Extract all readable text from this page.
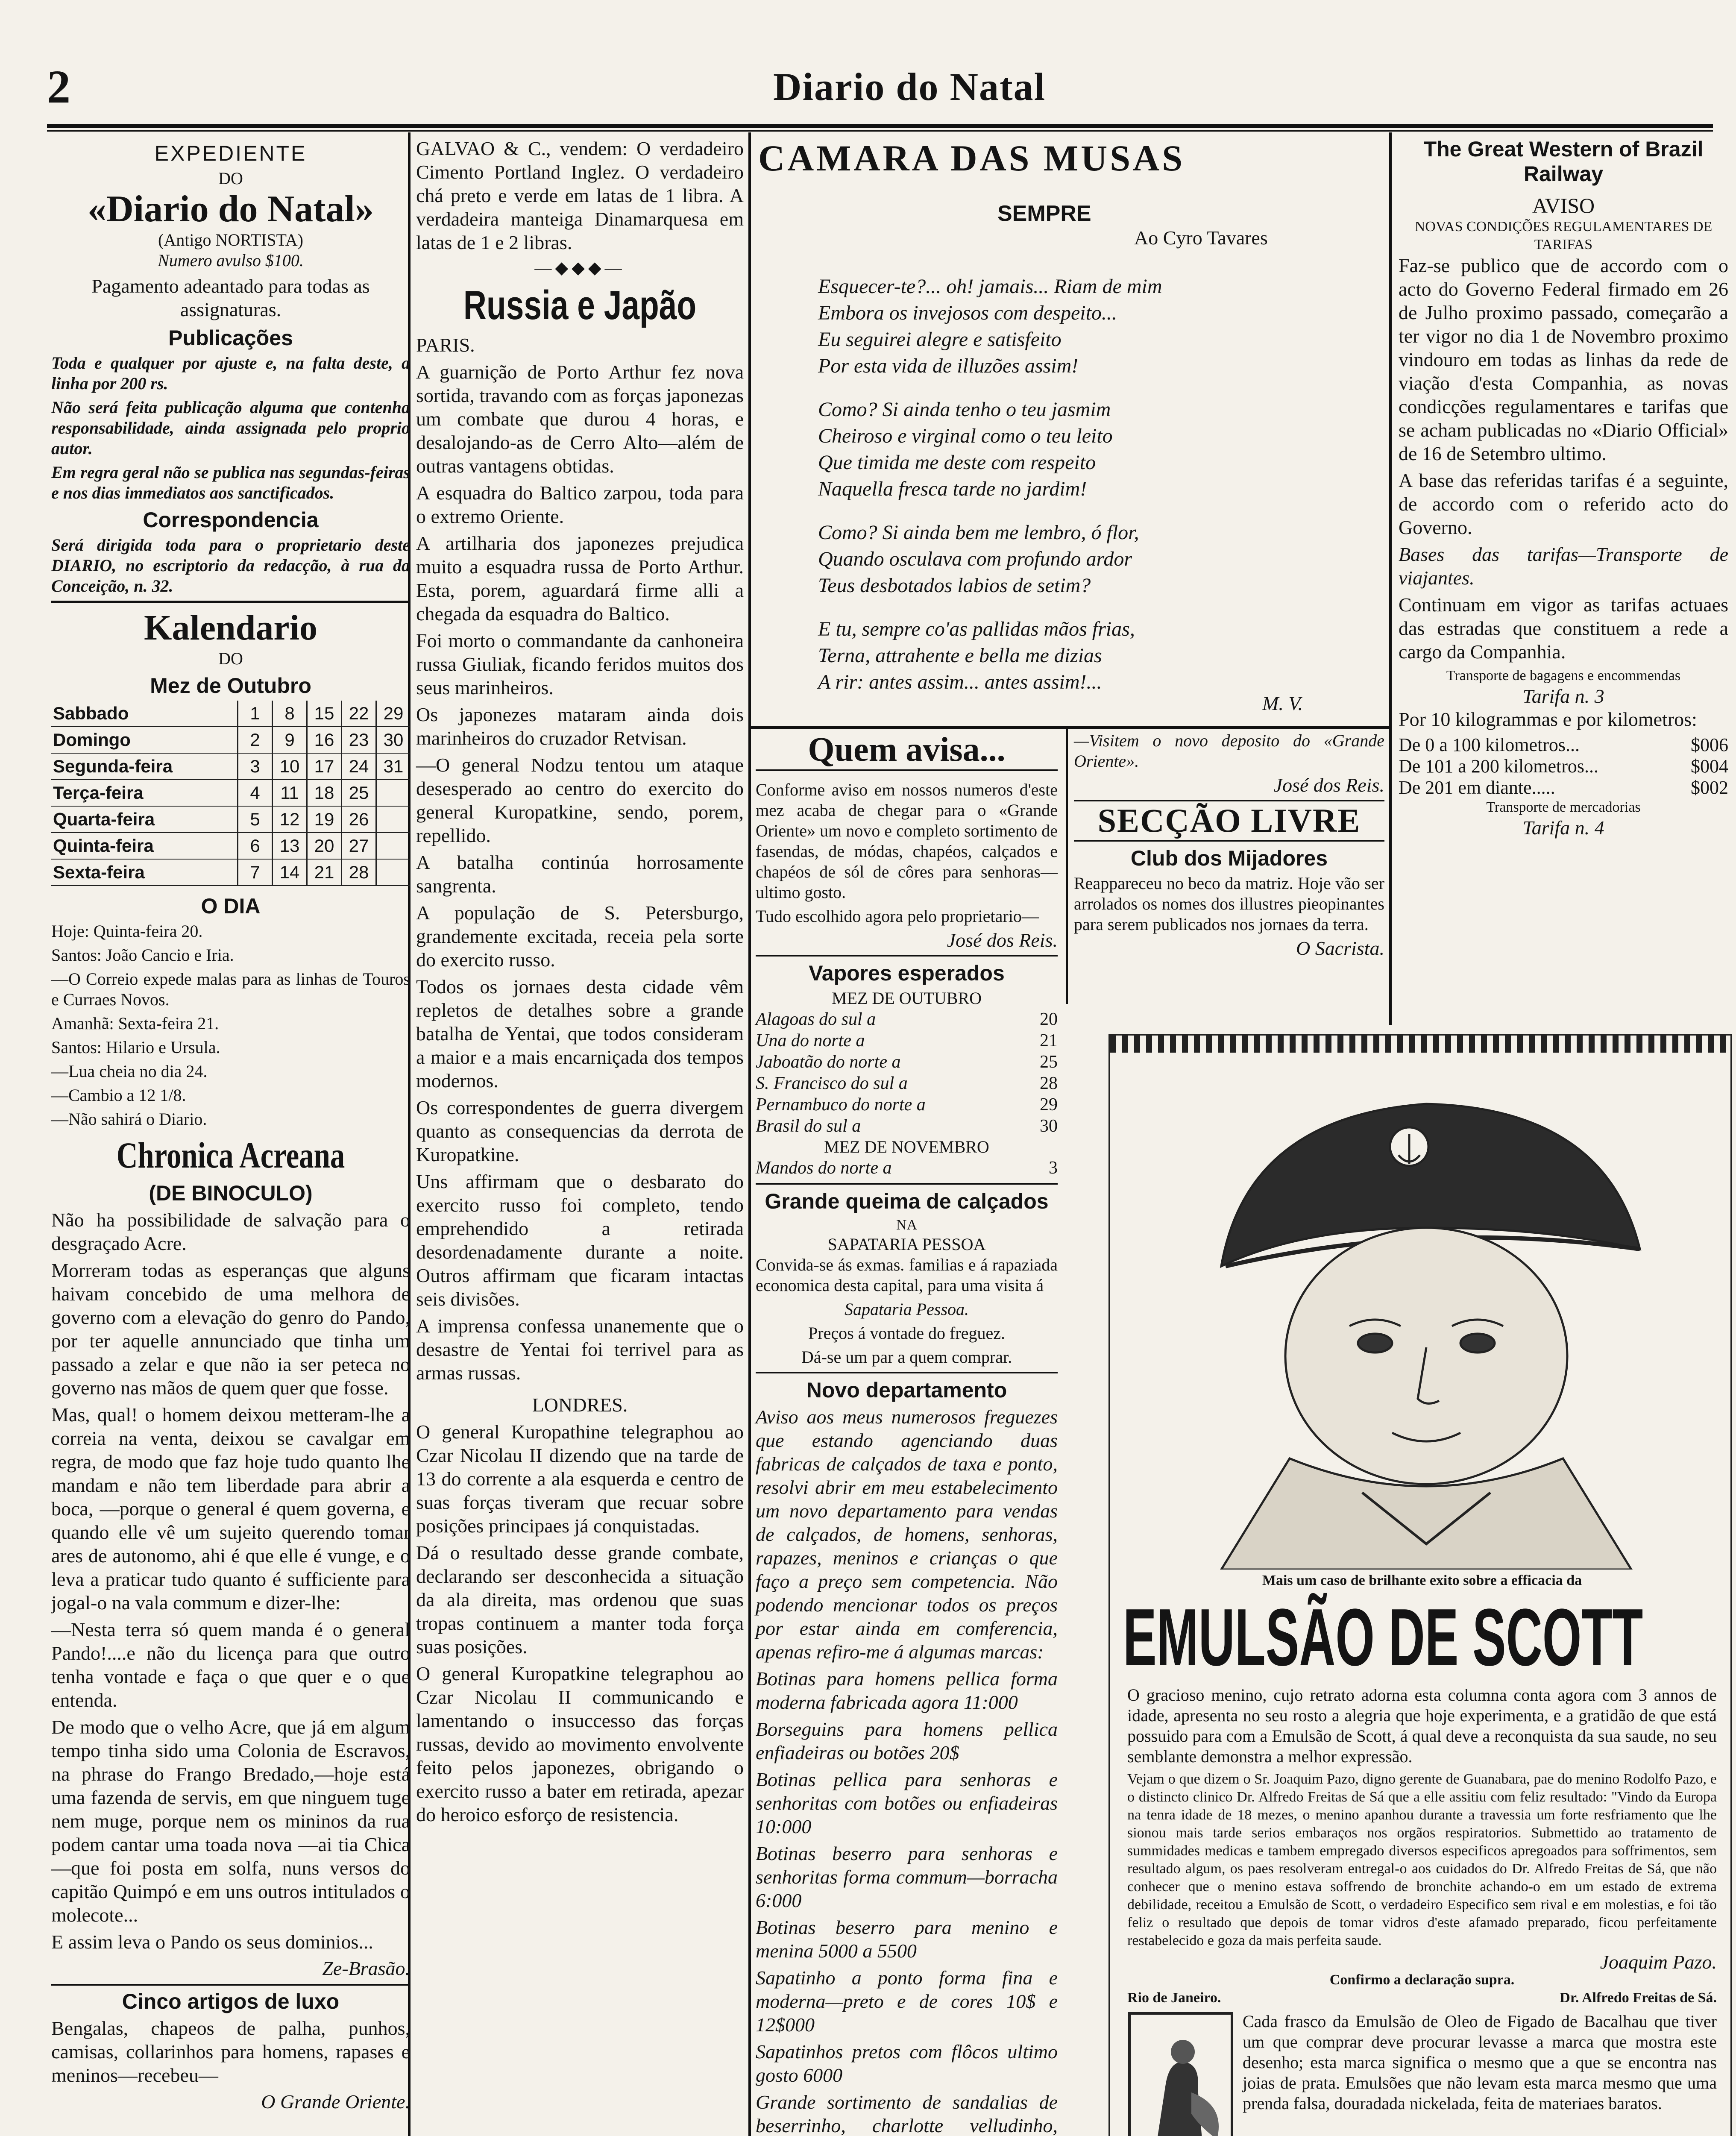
2	Diario do Natal
EXPEDIENTE
DO
«Diario do Natal»
(Antigo NORTISTA)

Numero avulso $100.

Pagamento adeantado para todas as assignaturas.

Publicações

Toda e qualquer por ajuste e, na falta deste, a linha por 200 rs.

Não será feita publicação alguma que contenha responsabilidade, ainda assignada pelo proprio autor.

Em regra geral não se publica nas segundas-feiras e nos dias immediatos aos sanctificados.

Correspondencia

Será dirigida toda para o proprietario deste DIARIO, no escriptorio da redacção, à rua da Conceição, n. 32.

Kalendario
DO
Mez de Outubro
Sabbado	1	8	15	22	29
Domingo	2	9	16	23	30
Segunda-feira	3	10	17	24	31
Terça-feira	4	11	18	25	
Quarta-feira	5	12	19	26	
Quinta-feira	6	13	20	27	
Sexta-feira	7	14	21	28	
O DIA

Hoje: Quinta-feira 20.

Santos: João Cancio e Iria.

—O Correio expede malas para as linhas de Touros e Curraes Novos.

Amanhã: Sexta-feira 21.

Santos: Hilario e Ursula.

—Lua cheia no dia 24.

—Cambio a 12 1/8.

—Não sahirá o Diario.

Chronica Acreana
(DE BINOCULO)

Não ha possibilidade de salvação para o desgraçado Acre.

Morreram todas as esperanças que alguns haivam concebido de uma melhora de governo com a elevação do genro do Pando, por ter aquelle annunciado que tinha um passado a zelar e que não ia ser peteca no governo nas mãos de quem quer que fosse.

Mas, qual! o homem deixou metteram-lhe a correia na venta, deixou se cavalgar em regra, de modo que faz hoje tudo quanto lhe mandam e não tem liberdade para abrir a boca, —porque o general é quem governa, e quando elle vê um sujeito querendo tomar ares de autonomo, ahi é que elle é vunge, e o leva a praticar tudo quanto é sufficiente para jogal-o na vala commum e dizer-lhe:

—Nesta terra só quem manda é o general Pando!....e não du licença para que outro tenha vontade e faça o que quer e o que entenda.

De modo que o velho Acre, que já em algum tempo tinha sido uma Colonia de Escravos, na phrase do Frango Bredado,—hoje está uma fazenda de servis, em que ninguem tuge nem muge, porque nem os mininos da rua podem cantar uma toada nova —ai tia Chica—que foi posta em solfa, nuns versos do capitão Quimpó e em uns outros intitulados o molecote...

E assim leva o Pando os seus dominios...

Ze-Brasão.
Cinco artigos de luxo

Bengalas, chapeos de palha, punhos, camisas, collarinhos para homens, rapases e meninos—recebeu—

O Grande Oriente.

GALVAO & C., vendem: O verdadeiro Cimento Portland Inglez. O verdadeiro chá preto e verde em latas de 1 libra. A verdadeira manteiga Dinamarquesa em latas de 1 e 2 libras.

—◆◆◆—
Russia e Japão

PARIS.

A guarnição de Porto Arthur fez nova sortida, travando com as forças japonezas um combate que durou 4 horas, e desalojando-as de Cerro Alto—além de outras vantagens obtidas.

A esquadra do Baltico zarpou, toda para o extremo Oriente.

A artilharia dos japonezes prejudica muito a esquadra russa de Porto Arthur. Esta, porem, aguardará firme alli a chegada da esquadra do Baltico.

Foi morto o commandante da canhoneira russa Giuliak, ficando feridos muitos dos seus marinheiros.

Os japonezes mataram ainda dois marinheiros do cruzador Retvisan.

—O general Nodzu tentou um ataque desesperado ao centro do exercito do general Kuropatkine, sendo, porem, repellido.

A batalha continúa horrosamente sangrenta.

A população de S. Petersburgo, grandemente excitada, receia pela sorte do exercito russo.

Todos os jornaes desta cidade vêm repletos de detalhes sobre a grande batalha de Yentai, que todos consideram a maior e a mais encarniçada dos tempos modernos.

Os correspondentes de guerra divergem quanto as consequencias da derrota de Kuropatkine.

Uns affirmam que o desbarato do exercito russo foi completo, tendo emprehendido a retirada desordenadamente durante a noite. Outros affirmam que ficaram intactas seis divisões.

A imprensa confessa unanemente que o desastre de Yentai foi terrivel para as armas russas.

LONDRES.

O general Kuropathine telegraphou ao Czar Nicolau II dizendo que na tarde de 13 do corrente a ala esquerda e centro de suas forças tiveram que recuar sobre posições principaes já conquistadas.

Dá o resultado desse grande combate, declarando ser desconhecida a situação da ala direita, mas ordenou que suas tropas continuem a manter toda força suas posições.

O general Kuropatkine telegraphou ao Czar Nicolau II communicando e lamentando o insuccesso das forças russas, devido ao movimento envolvente feito pelos japonezes, obrigando o exercito russo a bater em retirada, apezar do heroico esforço de resistencia.

CAMARA DAS MUSAS
SEMPRE
Ao Cyro Tavares
Esquecer-te?... oh! jamais... Riam de mim
Embora os invejosos com despeito...
Eu seguirei alegre e satisfeito
Por esta vida de illuzões assim!
Como? Si ainda tenho o teu jasmim
Cheiroso e virginal como o teu leito
Que timida me deste com respeito
Naquella fresca tarde no jardim!
Como? Si ainda bem me lembro, ó flor,
Quando osculava com profundo ardor
Teus desbotados labios de setim?
E tu, sempre co'as pallidas mãos frias,
Terna, attrahente e bella me dizias
A rir: antes assim... antes assim!...
M. V.
Quem avisa...

Conforme aviso em nossos numeros d'este mez acaba de chegar para o «Grande Oriente» um novo e completo sortimento de fasendas, de módas, chapéos, calçados e chapéos de sól de côres para senhoras—ultimo gosto.

Tudo escolhido agora pelo proprietario—

José dos Reis.
Vapores esperados
MEZ DE OUTUBRO
Alagoas do sul a	20
Una do norte a	21
Jaboatão do norte a	25
S. Francisco do sul a	28
Pernambuco do norte a	29
Brasil do sul a	30
MEZ DE NOVEMBRO
Mandos do norte a	3
Grande queima de calçados
NA
SAPATARIA PESSOA

Convida-se ás exmas. familias e á rapaziada economica desta capital, para uma visita á

Sapataria Pessoa.

Preços á vontade do freguez.

Dá-se um par a quem comprar.

Novo departamento

Aviso aos meus numerosos freguezes que estando agenciando duas fabricas de calçados de taxa e ponto, resolvi abrir em meu estabelecimento um novo departamento para vendas de calçados, de homens, senhoras, rapazes, meninos e crianças o que faço a preço sem competencia. Não podendo mencionar todos os preços por estar ainda em comferencia, apenas refiro-me á algumas marcas:

Botinas para homens pellica forma moderna fabricada agora 11:000

Borseguins para homens pellica enfiadeiras ou botões 20$

Botinas pellica para senhoras e senhoritas com botões ou enfiadeiras 10:000

Botinas beserro para senhoras e senhoritas forma commum—borracha 6:000

Botinas beserro para menino e menina 5000 a 5500

Sapatinho a ponto forma fina e moderna—preto e de cores 10$ e 12$000

Sapatinhos pretos com flôcos ultimo gosto 6000

Grande sortimento de sandalias de beserrinho, charlotte velludinho,

—Visitem o novo deposito do «Grande Oriente».

José dos Reis.
SECÇÃO LIVRE
Club dos Mijadores

Reappareceu no beco da matriz. Hoje vão ser arrolados os nomes dos illustres pieopinantes para serem publicados nos jornaes da terra.

O Sacrista.
The Great Western of Brazil Railway
AVISO
NOVAS CONDIÇÕES REGULAMENTARES DE TARIFAS

Faz-se publico que de accordo com o acto do Governo Federal firmado em 26 de Julho proximo passado, começarão a ter vigor no dia 1 de Novembro proximo vindouro em todas as linhas da rede de viação d'esta Companhia, as novas condicções regulamentares e tarifas que se acham publicadas no «Diario Official» de 16 de Setembro ultimo.

A base das referidas tarifas é a seguinte, de accordo com o referido acto do Governo.

Bases das tarifas—Transporte de viajantes.

Continuam em vigor as tarifas actuaes das estradas que constituem a rede a cargo da Companhia.

Transporte de bagagens e encommendas
Tarifa n. 3

Por 10 kilogrammas e por kilometros:

De 0 a 100 kilometros...	$006
De 101 a 200 kilometros...	$004
De 201 em diante.....	$002
Transporte de mercadorias
Tarifa n. 4
Mais um caso de brilhante exito sobre a efficacia da
EMULSÃO DE SCOTT

O gracioso menino, cujo retrato adorna esta columna conta agora com 3 annos de idade, apresenta no seu rosto a alegria que hoje experimenta, e a gratidão de que está possuido para com a Emulsão de Scott, á qual deve a reconquista da sua saude, no seu semblante demonstra a melhor expressão.

Vejam o que dizem o Sr. Joaquim Pazo, digno gerente de Guanabara, pae do menino Rodolfo Pazo, e o distincto clinico Dr. Alfredo Freitas de Sá que a elle assitiu com feliz resultado: "Vindo da Europa na tenra idade de 18 mezes, o menino apanhou durante a travessia um forte resfriamento que lhe sionou mais tarde serios embaraços nos orgãos respiratorios. Submettido ao tratamento de summidades medicas e tambem empregado diversos especificos apregoados para soffrimentos, sem resultado algum, os paes resolveram entregal-o aos cuidados do Dr. Alfredo Freitas de Sá, que não conhecer que o menino estava soffrendo de bronchite achando-o em um estado de extrema debilidade, receitou a Emulsão de Scott, o verdadeiro Especifico sem rival e em molestias, e foi tão feliz o resultado que depois de tomar vidros d'este afamado preparado, ficou perfeitamente restabelecido e goza da mais perfeita saude.

Joaquim Pazo.
Confirmo a declaração supra.
Rio de Janeiro.	Dr. Alfredo Freitas de Sá.

Cada frasco da Emulsão de Oleo de Figado de Bacalhau que tiver um que comprar deve procurar levasse a marca que mostra este desenho; esta marca significa o mesmo que a que se encontra nas joias de prata. Emulsões que não levam esta marca mesmo que uma prenda falsa, douradada nickelada, feita de materiaes baratos.
